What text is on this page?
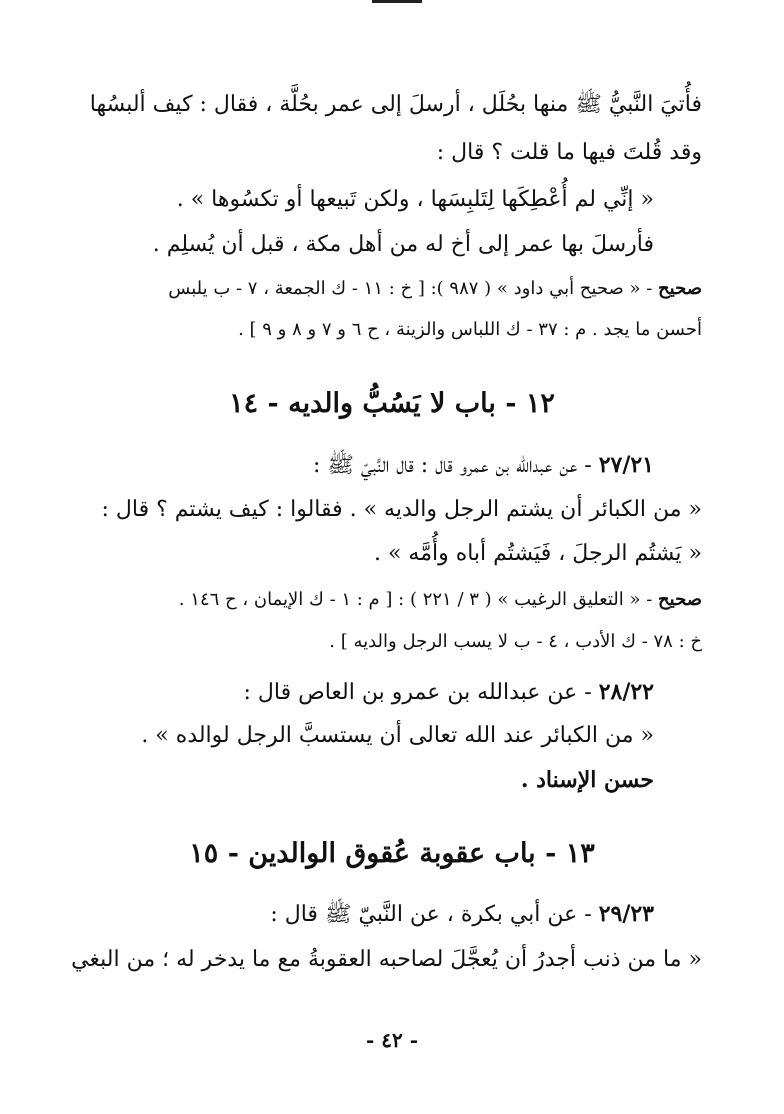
فأُتيَ النَّبيُّ ﷺ منها بحُلَل ، أرسلَ إلى عمر بحُلَّة ، فقال : كيف ألبسُها
وقد قُلتَ فيها ما قلت ؟ قال :
« إنِّي لم أُعْطِكَها لِتَلبِسَها ، ولكن تَبيعها أو تكسُوها » .
فأرسلَ بها عمر إلى أخ له من أهل مكة ، قبل أن يُسلِم .
صحيح - « صحيح أبي داود » ( ٩٨٧ ): [ خ : ١١ - ك الجمعة ، ٧ - ب يلبس
أحسن ما يجد . م : ٣٧ - ك اللباس والزينة ، ح ٦ و ٧ و ٨ و ٩ ] .
١٢ - باب لا يَسُبُّ والديه - ١٤
٢٧/٢١ - عن عبدالله بن عمرو قال : قال النَّبيّ ﷺ :
« من الكبائر أن يشتم الرجل والديه » . فقالوا : كيف يشتم ؟ قال :
« يَشتُم الرجلَ ، فَيَشتُم أباه وأُمَّه » .
صحيح - « التعليق الرغيب » ( ٣ / ٢٢١ ) : [ م : ١ - ك الإيمان ، ح ١٤٦ .
خ : ٧٨ - ك الأدب ، ٤ - ب لا يسب الرجل والديه ] .
٢٨/٢٢ - عن عبدالله بن عمرو بن العاص قال :
« من الكبائر عند الله تعالى أن يستسبَّ الرجل لوالده » .
حسن الإسناد .
١٣ - باب عقوبة عُقوق الوالدين - ١٥
٢٩/٢٣ - عن أبي بكرة ، عن النَّبيّ ﷺ قال :
« ما من ذنب أجدرُ أن يُعجَّلَ لصاحبه العقوبةُ مع ما يدخر له ؛ من البغي
- ٤٢ -
